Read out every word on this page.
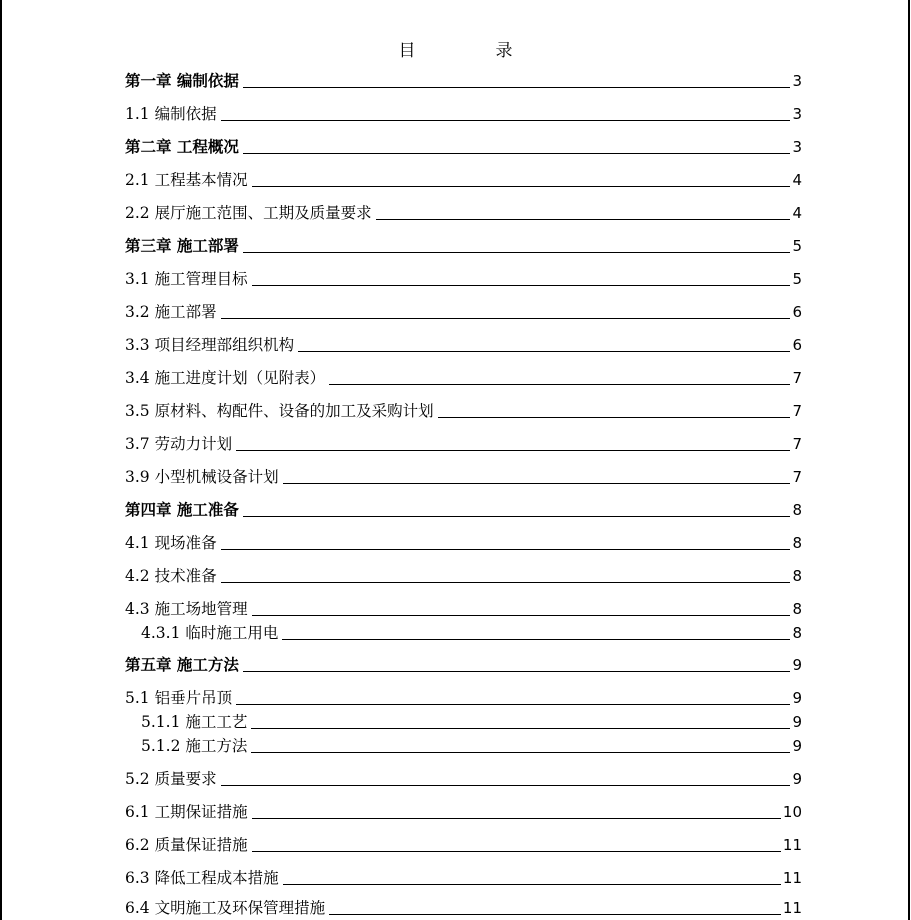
目	录
第一章 编制依据	3
1.1 编制依据	3
第二章 工程概况	3
2.1 工程基本情况	4
2.2 展厅施工范围、工期及质量要求	4
第三章 施工部署	5
3.1 施工管理目标	5
3.2 施工部署	6
3.3 项目经理部组织机构	6
3.4 施工进度计划（见附表）	7
3.5 原材料、构配件、设备的加工及采购计划	7
3.7 劳动力计划	7
3.9 小型机械设备计划	7
第四章 施工准备	8
4.1 现场准备	8
4.2 技术准备	8
4.3 施工场地管理	8
4.3.1 临时施工用电	8
第五章 施工方法	9
5.1 铝垂片吊顶	9
5.1.1 施工工艺	9
5.1.2 施工方法	9
5.2 质量要求	9
6.1 工期保证措施	10
6.2 质量保证措施	11
6.3 降低工程成本措施	11
6.4 文明施工及环保管理措施	11
